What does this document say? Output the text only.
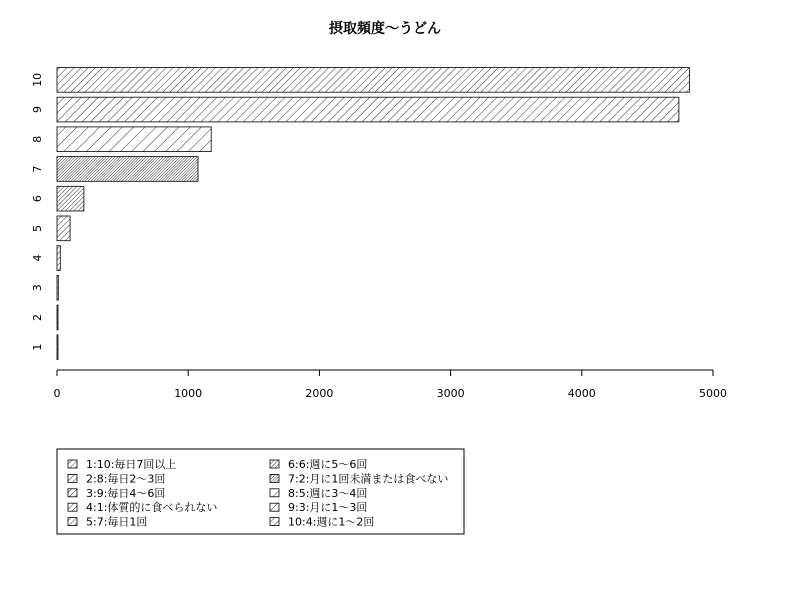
摂取頻度〜うどん
1
2
3
4
5
6
7
8
9
10
0	1000	2000	3000	4000	5000
1:10:毎日7回以上
2:8:毎日2〜3回
3:9:毎日4〜6回
4:1:体質的に食べられない
5:7:毎日1回
6:6:週に5〜6回
7:2:月に1回未満または食べない
8:5:週に3〜4回
9:3:月に1〜3回
10:4:週に1〜2回
